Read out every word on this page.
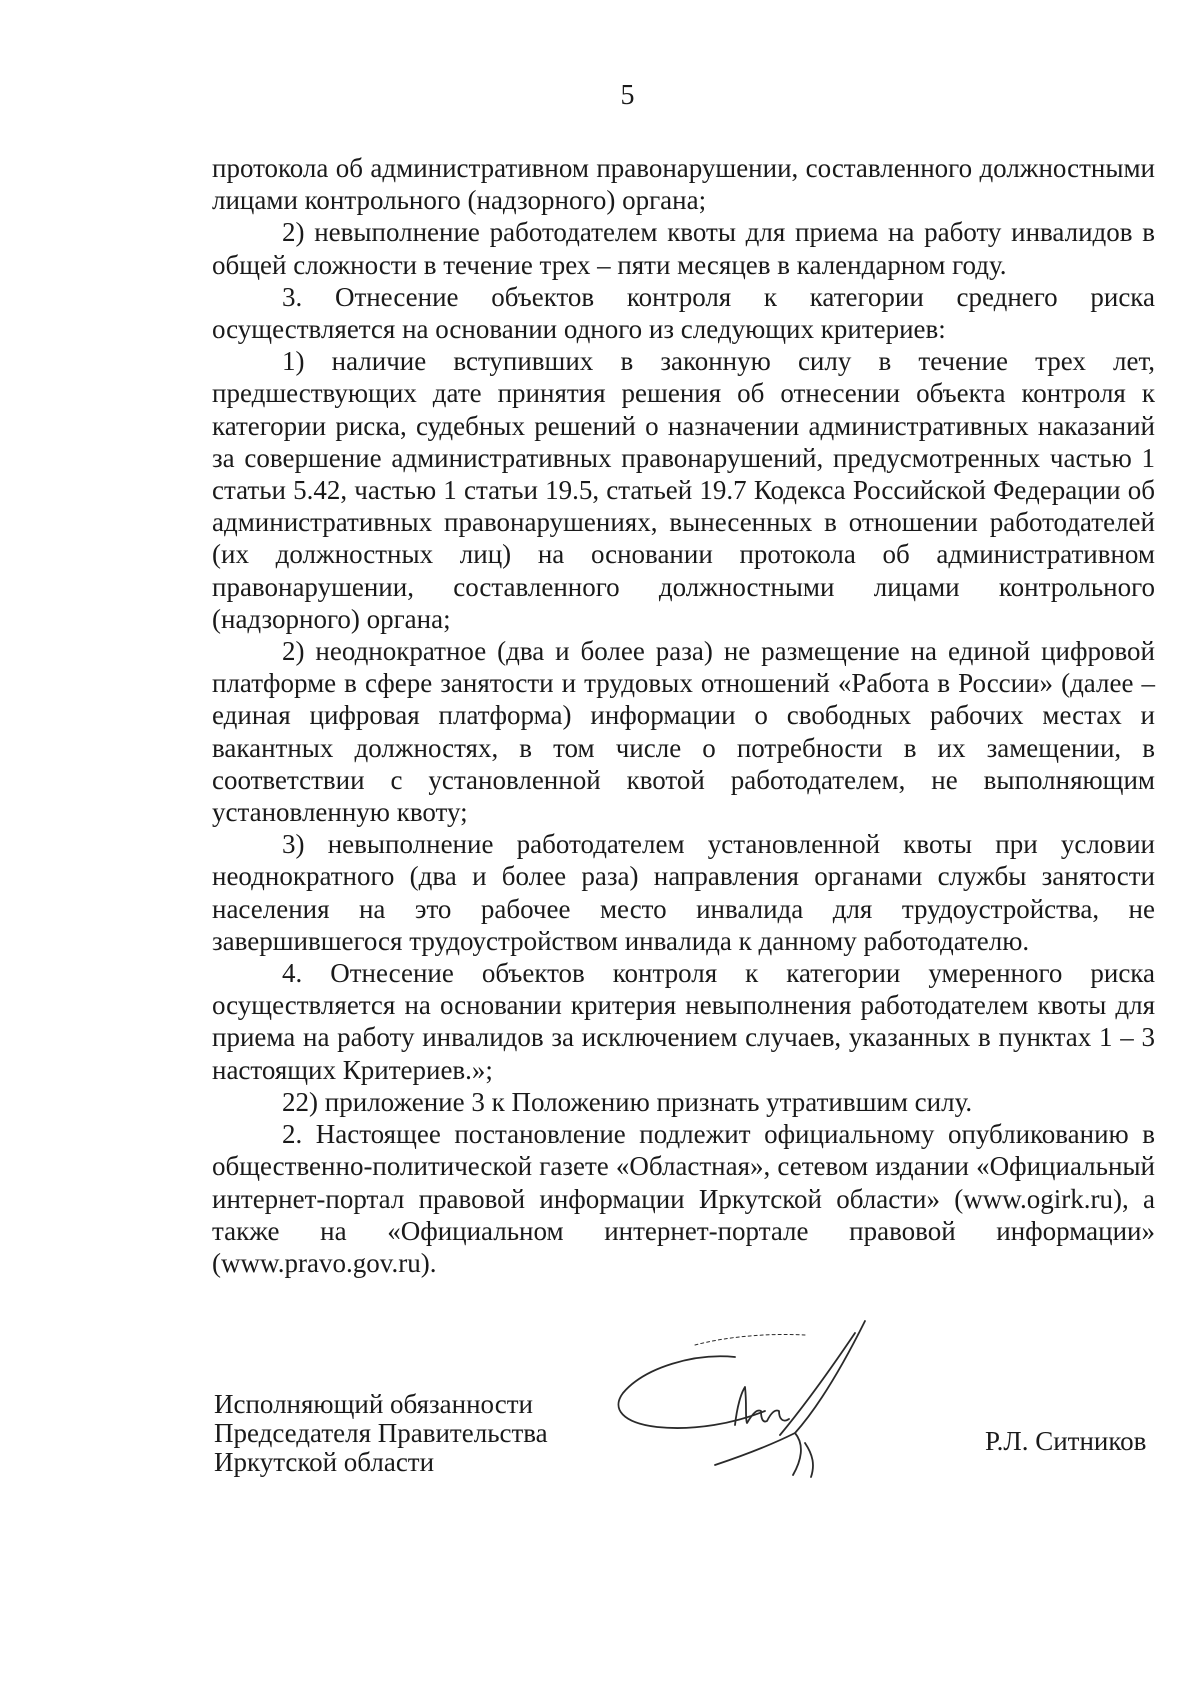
5

протокола об административном правонарушении, составленного должностными лицами контрольного (надзорного) органа;

2) невыполнение работодателем квоты для приема на работу инвалидов в общей сложности в течение трех – пяти месяцев в календарном году.

3. Отнесение объектов контроля к категории среднего риска осуществляется на основании одного из следующих критериев:

1) наличие вступивших в законную силу в течение трех лет, предшествующих дате принятия решения об отнесении объекта контроля к категории риска, судебных решений о назначении административных наказаний за совершение административных правонарушений, предусмотренных частью 1 статьи 5.42, частью 1 статьи 19.5, статьей 19.7 Кодекса Российской Федерации об административных правонарушениях, вынесенных в отношении работодателей (их должностных лиц) на основании протокола об административном правонарушении, составленного должностными лицами контрольного (надзорного) органа;

2) неоднократное (два и более раза) не размещение на единой цифровой платформе в сфере занятости и трудовых отношений «Работа в России» (далее – единая цифровая платформа) информации о свободных рабочих местах и вакантных должностях, в том числе о потребности в их замещении, в соответствии с установленной квотой работодателем, не выполняющим установленную квоту;

3) невыполнение работодателем установленной квоты при условии неоднократного (два и более раза) направления органами службы занятости населения на это рабочее место инвалида для трудоустройства, не завершившегося трудоустройством инвалида к данному работодателю.

4. Отнесение объектов контроля к категории умеренного риска осуществляется на основании критерия невыполнения работодателем квоты для приема на работу инвалидов за исключением случаев, указанных в пунктах 1 – 3 настоящих Критериев.»;

22) приложение 3 к Положению признать утратившим силу.

2. Настоящее постановление подлежит официальному опубликованию в общественно-политической газете «Областная», сетевом издании «Официальный интернет-портал правовой информации Иркутской области» (www.ogirk.ru), а также на «Официальном интернет-портале правовой информации» (www.pravo.gov.ru).

Исполняющий обязанности
Председателя Правительства
Иркутской области
Р.Л. Ситников
